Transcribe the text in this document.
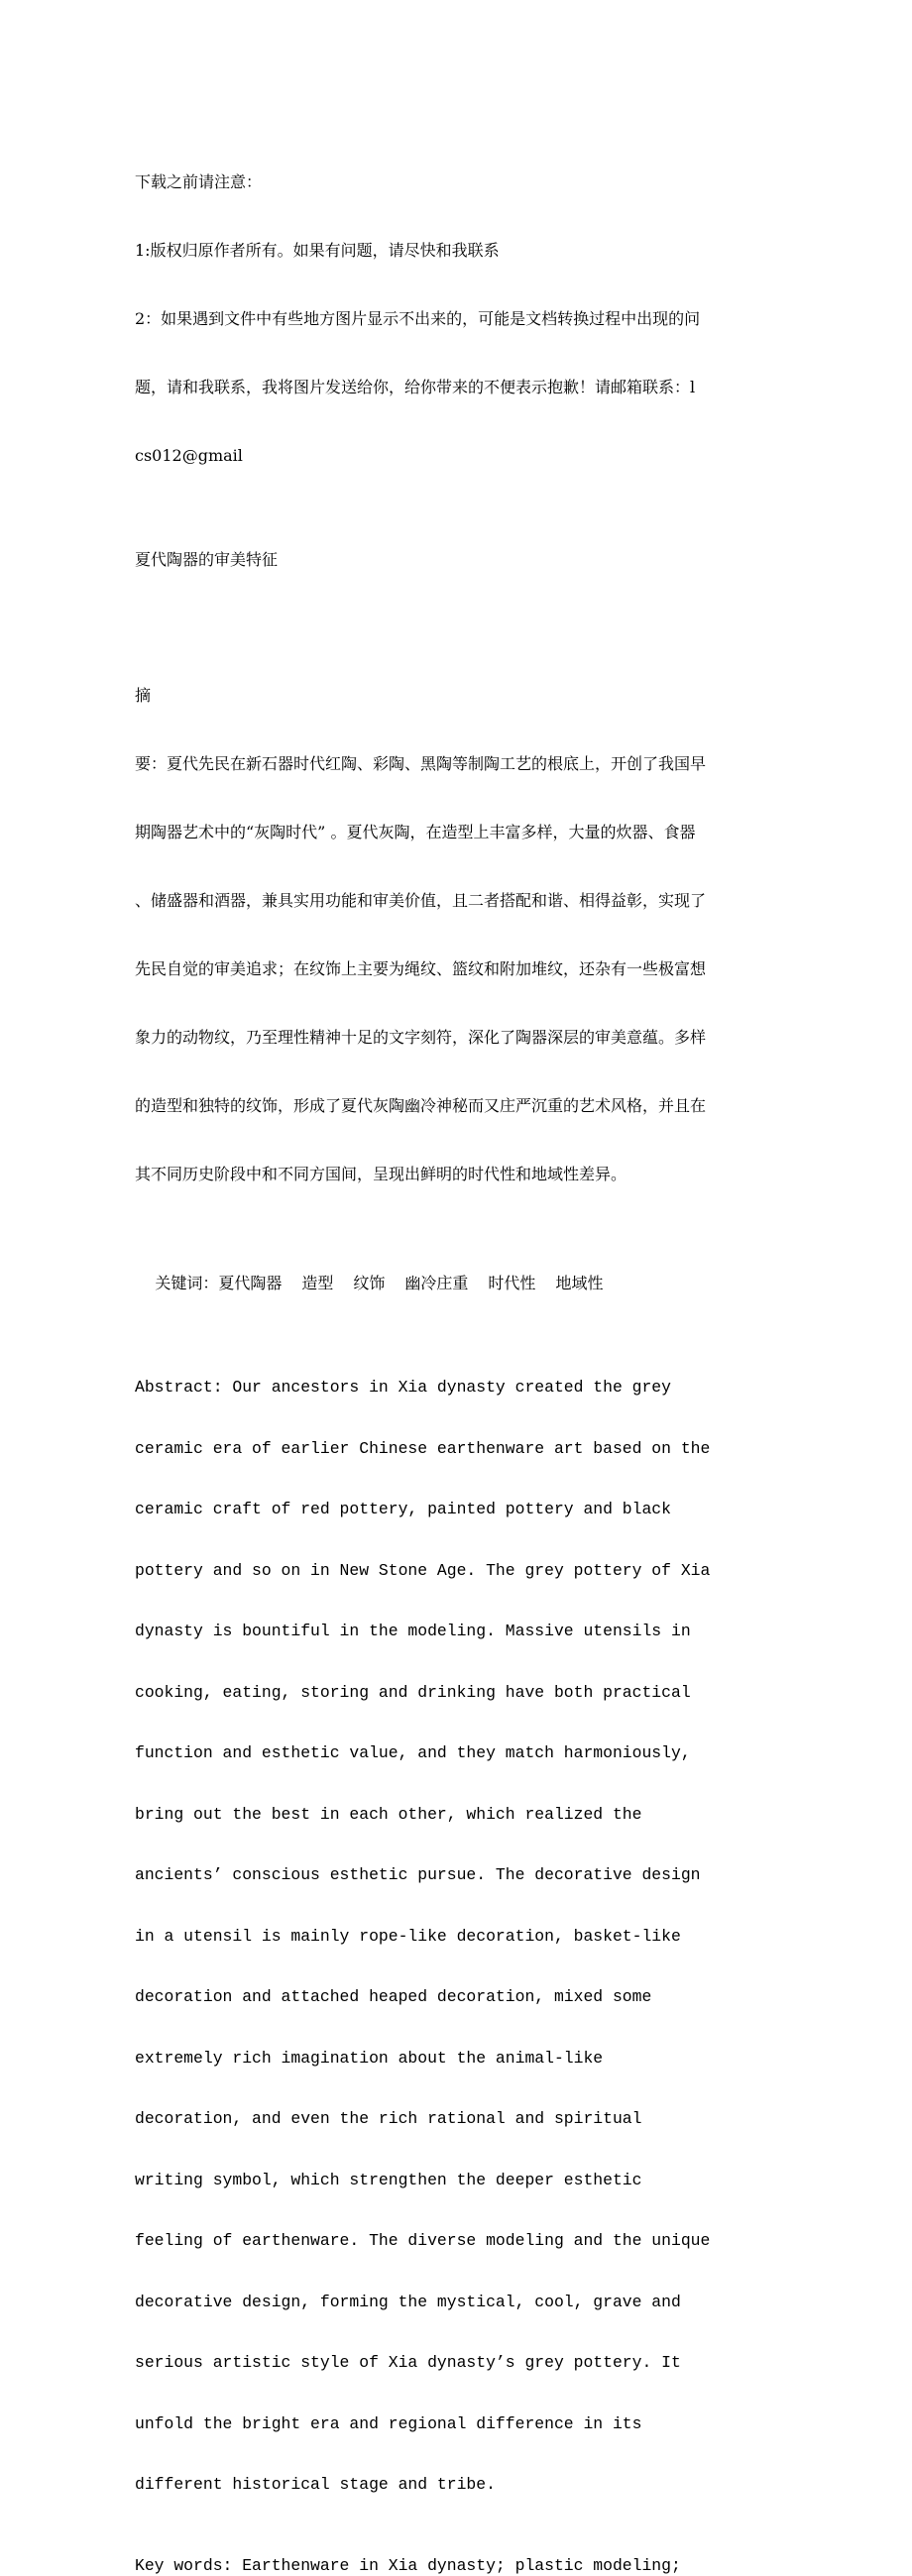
下载之前请注意：

1:版权归原作者所有。如果有问题，请尽快和我联系

2：如果遇到文件中有些地方图片显示不出来的，可能是文档转换过程中出现的问

题，请和我联系，我将图片发送给你，给你带来的不便表示抱歉！请邮箱联系：l

cs012@gmail

夏代陶器的审美特征

摘

要：夏代先民在新石器时代红陶、彩陶、黑陶等制陶工艺的根底上，开创了我国早

期陶器艺术中的“灰陶时代” 。夏代灰陶，在造型上丰富多样，大量的炊器、食器

、储盛器和酒器，兼具实用功能和审美价值，且二者搭配和谐、相得益彰，实现了

先民自觉的审美追求；在纹饰上主要为绳纹、篮纹和附加堆纹，还杂有一些极富想

象力的动物纹，乃至理性精神十足的文字刻符，深化了陶器深层的审美意蕴。多样

的造型和独特的纹饰，形成了夏代灰陶幽冷神秘而又庄严沉重的艺术风格，并且在

其不同历史阶段中和不同方国间，呈现出鲜明的时代性和地域性差异。

关键词：夏代陶器 造型 纹饰 幽冷庄重 时代性 地域性

Abstract: Our ancestors in Xia dynasty created the grey

ceramic era of earlier Chinese earthenware art based on the

ceramic craft of red pottery, painted pottery and black

pottery and so on in New Stone Age. The grey pottery of Xia

dynasty is bountiful in the modeling. Massive utensils in

cooking, eating, storing and drinking have both practical

function and esthetic value, and they match harmoniously,

bring out the best in each other, which realized the

ancients’ conscious esthetic pursue. The decorative design

in a utensil is mainly rope-like decoration, basket-like

decoration and attached heaped decoration, mixed some

extremely rich imagination about the animal-like

decoration, and even the rich rational and spiritual

writing symbol, which strengthen the deeper esthetic

feeling of earthenware. The diverse modeling and the unique

decorative design, forming the mystical, cool, grave and

serious artistic style of Xia dynasty’s grey pottery. It

unfold the bright era and regional difference in its

different historical stage and tribe.

Key words: Earthenware in Xia dynasty; plastic modeling;
